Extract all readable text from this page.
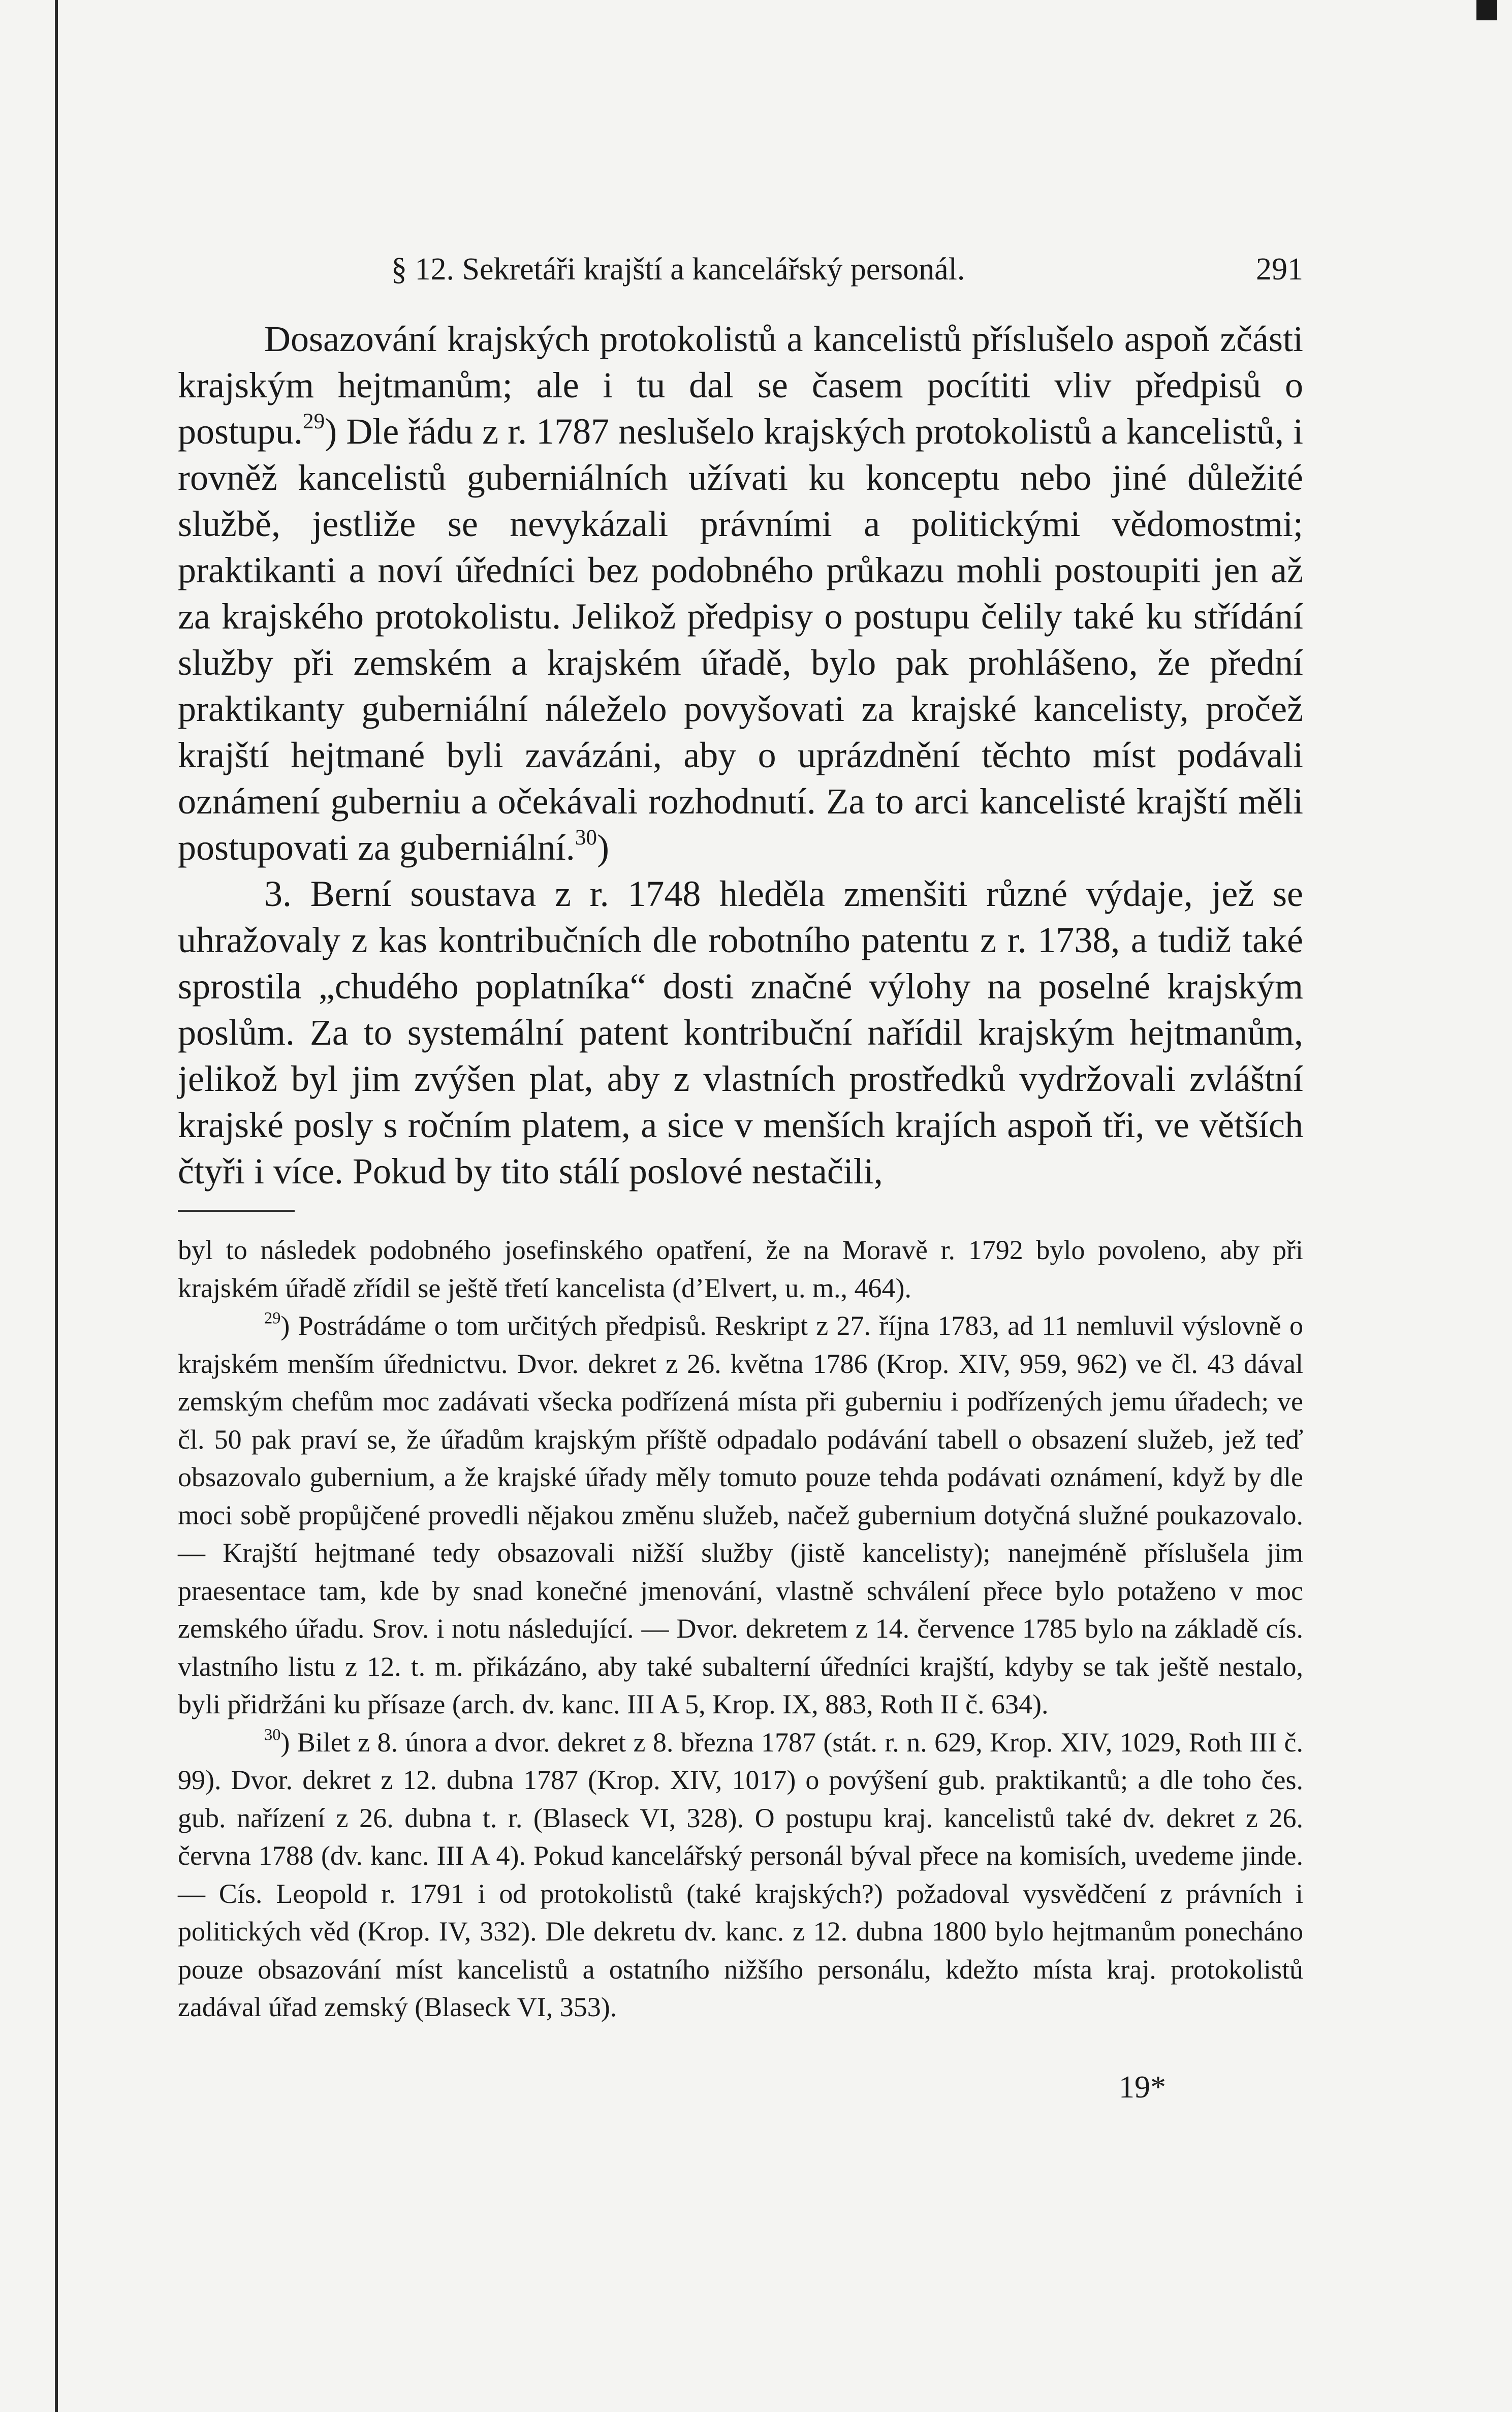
§ 12. Sekretáři krajští a kancelářský personál.	291

Dosazování krajských protokolistů a kancelistů příslušelo aspoň zčásti krajským hejtmanům; ale i tu dal se časem pocítiti vliv předpisů o postupu.$^{29}$) Dle řádu z r. 1787 neslušelo krajských protokolistů a kancelistů, i rovněž kancelistů guberniálních užívati ku konceptu nebo jiné důležité službě, jestliže se nevykázali právními a politickými vědomostmi; praktikanti a noví úředníci bez podobného průkazu mohli postoupiti jen až za krajského protokolistu. Jelikož předpisy o postupu čelily také ku střídání služby při zemském a krajském úřadě, bylo pak prohlášeno, že přední praktikanty guberniální náleželo povyšovati za krajské kancelisty, pročež krajští hejtmané byli zavázáni, aby o uprázdnění těchto míst podávali oznámení guberniu a očekávali rozhodnutí. Za to arci kancelisté krajští měli postupovati za guberniální.$^{30}$)

3. Berní soustava z r. 1748 hleděla zmenšiti různé výdaje, jež se uhražovaly z kas kontribučních dle robotního patentu z r. 1738, a tudiž také sprostila „chudého poplatníka“ dosti značné výlohy na poselné krajským poslům. Za to systemální patent kontribuční nařídil krajským hejtmanům, jelikož byl jim zvýšen plat, aby z vlastních prostředků vydržovali zvláštní krajské posly s ročním platem, a sice v menších krajích aspoň tři, ve větších čtyři i více. Pokud by tito stálí poslové nestačili,

byl to následek podobného josefinského opatření, že na Moravě r. 1792 bylo povoleno, aby při krajském úřadě zřídil se ještě třetí kancelista (d’Elvert, u. m., 464).

$^{29}$) Postrádáme o tom určitých předpisů. Reskript z 27. října 1783, ad 11 nemluvil výslovně o krajském menším úřednictvu. Dvor. dekret z 26. května 1786 (Krop. XIV, 959, 962) ve čl. 43 dával zemským chefům moc zadávati všecka podřízená místa při guberniu i podřízených jemu úřadech; ve čl. 50 pak praví se, že úřadům krajským příště odpadalo podávání tabell o obsazení služeb, jež teď obsazovalo gubernium, a že krajské úřady měly tomuto pouze tehda podávati oznámení, když by dle moci sobě propůjčené provedli nějakou změnu služeb, načež gubernium dotyčná služné poukazovalo. — Krajští hejtmané tedy obsazovali nižší služby (jistě kancelisty); nanejméně příslušela jim praesentace tam, kde by snad konečné jmenování, vlastně schválení přece bylo potaženo v moc zemského úřadu. Srov. i notu následující. — Dvor. dekretem z 14. července 1785 bylo na základě cís. vlastního listu z 12. t. m. přikázáno, aby také subalterní úředníci krajští, kdyby se tak ještě nestalo, byli přidržáni ku přísaze (arch. dv. kanc. III A 5, Krop. IX, 883, Roth II č. 634).

$^{30}$) Bilet z 8. února a dvor. dekret z 8. března 1787 (stát. r. n. 629, Krop. XIV, 1029, Roth III č. 99). Dvor. dekret z 12. dubna 1787 (Krop. XIV, 1017) o povýšení gub. praktikantů; a dle toho čes. gub. nařízení z 26. dubna t. r. (Blaseck VI, 328). O postupu kraj. kancelistů také dv. dekret z 26. června 1788 (dv. kanc. III A 4). Pokud kancelářský personál býval přece na komisích, uvedeme jinde. — Cís. Leopold r. 1791 i od protokolistů (také krajských?) požadoval vysvědčení z právních i politických věd (Krop. IV, 332). Dle dekretu dv. kanc. z 12. dubna 1800 bylo hejtmanům ponecháno pouze obsazování míst kancelistů a ostatního nižšího personálu, kdežto místa kraj. protokolistů zadával úřad zemský (Blaseck VI, 353).

19*
